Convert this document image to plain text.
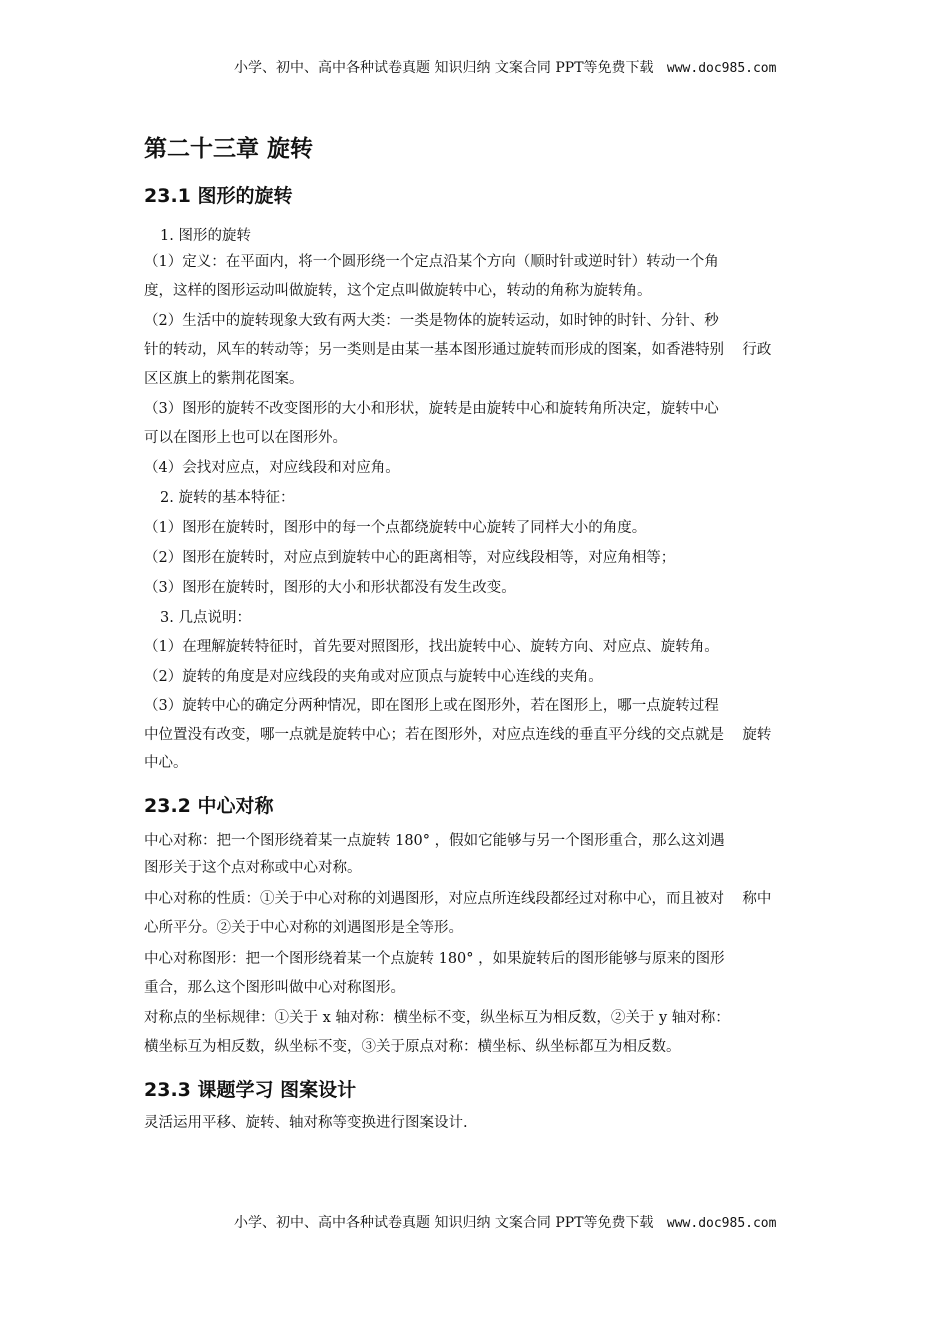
小学、初中、高中各种试卷真题 知识归纳 文案合同 PPT等免费下载 www.doc985.com
第二十三章 旋转
23.1 图形的旋转
1. 图形的旋转
（1）定义：在平面内，将一个圆形绕一个定点沿某个方向（顺时针或逆时针）转动一个角
度，这样的图形运动叫做旋转，这个定点叫做旋转中心，转动的角称为旋转角。
（2）生活中的旋转现象大致有两大类：一类是物体的旋转运动，如时钟的时针、分针、秒
针的转动，风车的转动等；另一类则是由某一基本图形通过旋转而形成的图案，如香港特别    行政
区区旗上的紫荆花图案。
（3）图形的旋转不改变图形的大小和形状，旋转是由旋转中心和旋转角所决定，旋转中心
可以在图形上也可以在图形外。
（4）会找对应点，对应线段和对应角。
2. 旋转的基本特征：
（1）图形在旋转时，图形中的每一个点都绕旋转中心旋转了同样大小的角度。
（2）图形在旋转时，对应点到旋转中心的距离相等，对应线段相等，对应角相等；
（3）图形在旋转时，图形的大小和形状都没有发生改变。
3. 几点说明：
（1）在理解旋转特征时，首先要对照图形，找出旋转中心、旋转方向、对应点、旋转角。
（2）旋转的角度是对应线段的夹角或对应顶点与旋转中心连线的夹角。
（3）旋转中心的确定分两种情况，即在图形上或在图形外，若在图形上，哪一点旋转过程
中位置没有改变，哪一点就是旋转中心；若在图形外，对应点连线的垂直平分线的交点就是    旋转
中心。
23.2 中心对称
中心对称：把一个图形绕着某一点旋转 180° ，假如它能够与另一个图形重合，那么这刘遇
图形关于这个点对称或中心对称。
中心对称的性质：①关于中心对称的刘遇图形，对应点所连线段都经过对称中心，而且被对    称中
心所平分。②关于中心对称的刘遇图形是全等形。
中心对称图形：把一个图形绕着某一个点旋转 180° ，如果旋转后的图形能够与原来的图形
重合，那么这个图形叫做中心对称图形。
对称点的坐标规律：①关于 x 轴对称：横坐标不变，纵坐标互为相反数，②关于 y 轴对称：
横坐标互为相反数，纵坐标不变，③关于原点对称：横坐标、纵坐标都互为相反数。
23.3 课题学习 图案设计
灵活运用平移、旋转、轴对称等变换进行图案设计.
小学、初中、高中各种试卷真题 知识归纳 文案合同 PPT等免费下载 www.doc985.com
